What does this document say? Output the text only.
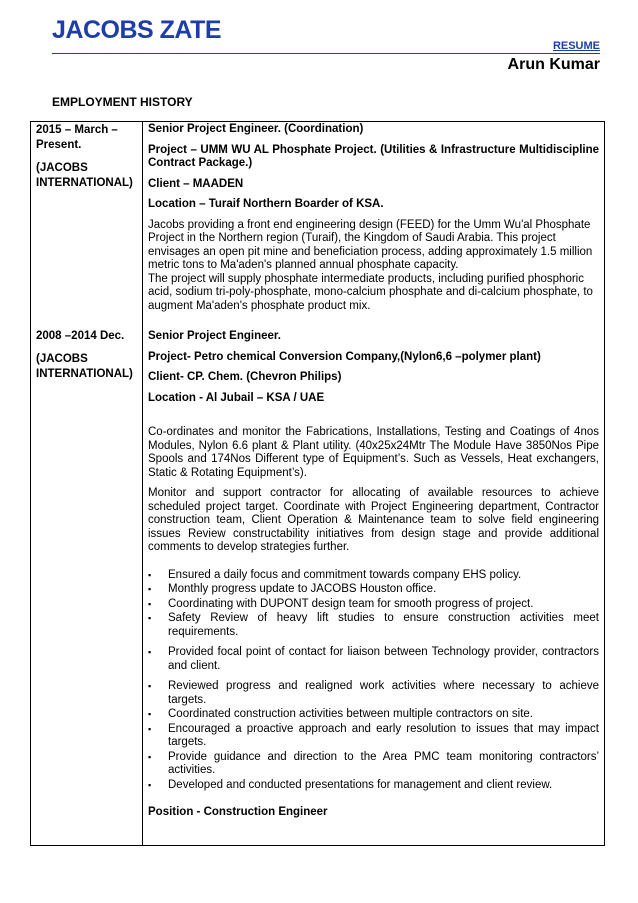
JACOBS ZATE
RESUME
Arun Kumar
EMPLOYMENT HISTORY

2015 – March – Present.

(JACOBS INTERNATIONAL)

2008 –2014 Dec.

(JACOBS INTERNATIONAL)

Senior Project Engineer. (Coordination)

Project – UMM WU AL Phosphate Project. (Utilities & Infrastructure Multidiscipline Contract Package.)

Client – MAADEN

Location – Turaif Northern Boarder of KSA.

Jacobs providing a front end engineering design (FEED) for the Umm Wu'al Phosphate Project in the Northern region (Turaif), the Kingdom of Saudi Arabia. This project envisages an open pit mine and beneficiation process, adding approximately 1.5 million metric tons to Ma'aden's planned annual phosphate capacity.

The project will supply phosphate intermediate products, including purified phosphoric acid, sodium tri-poly-phosphate, mono-calcium phosphate and di-calcium phosphate, to augment Ma'aden's phosphate product mix.

Senior Project Engineer.

Project- Petro chemical Conversion Company,(Nylon6,6 –polymer plant)

Client- CP. Chem. (Chevron Philips)

Location - Al Jubail – KSA / UAE

Co-ordinates and monitor the Fabrications, Installations, Testing and Coatings of 4nos Modules, Nylon 6.6 plant & Plant utility. (40x25x24Mtr The Module Have 3850Nos Pipe Spools and 174Nos Different type of Equipment’s. Such as Vessels, Heat exchangers, Static & Rotating Equipment’s).

Monitor and support contractor for allocating of available resources to achieve scheduled project target. Coordinate with Project Engineering department, Contractor construction team, Client Operation & Maintenance team to solve field engineering issues Review constructability initiatives from design stage and provide additional comments to develop strategies further.

▪ Ensured a daily focus and commitment towards company EHS policy.
▪ Monthly progress update to JACOBS Houston office.
▪ Coordinating with DUPONT design team for smooth progress of project.
▪ Safety Review of heavy lift studies to ensure construction activities meet requirements.
▪ Provided focal point of contact for liaison between Technology provider, contractors and client.
▪ Reviewed progress and realigned work activities where necessary to achieve targets.
▪ Coordinated construction activities between multiple contractors on site.
▪ Encouraged a proactive approach and early resolution to issues that may impact targets.
▪ Provide guidance and direction to the Area PMC team monitoring contractors’ activities.
▪ Developed and conducted presentations for management and client review.

Position - Construction Engineer
